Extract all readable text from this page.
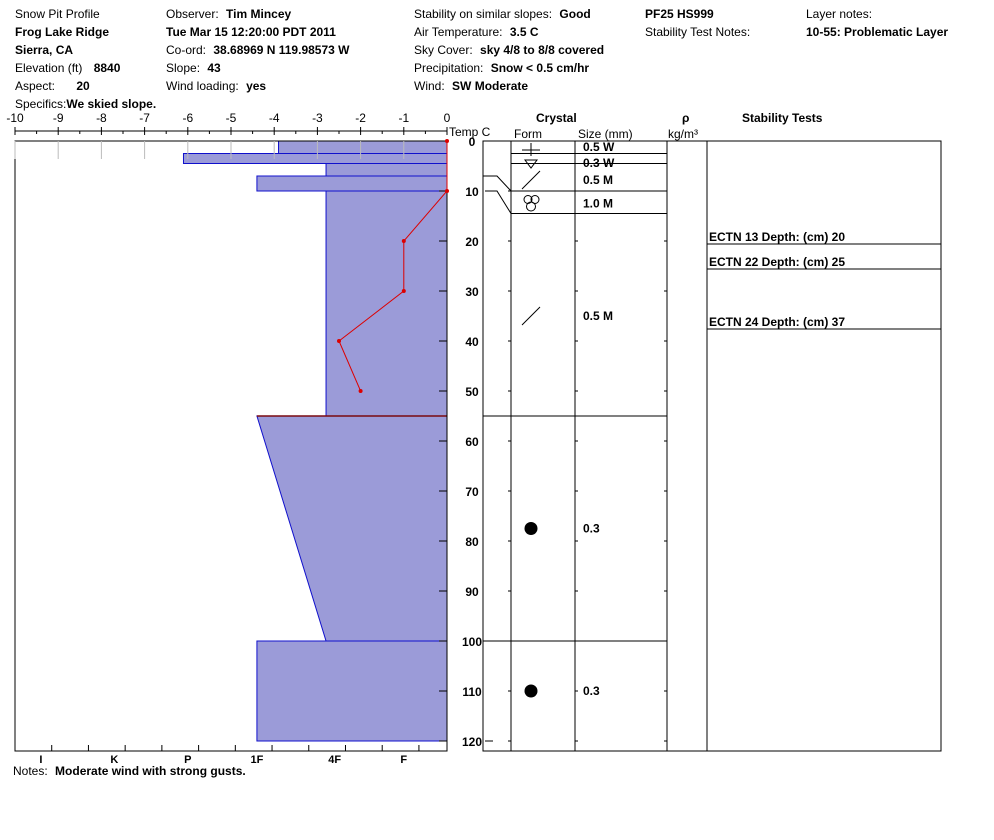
Snow Pit Profile
Frog Lake Ridge
Sierra, CA
Elevation (ft) 8840
Aspect: 20
Specifics:We skied slope.
Observer: Tim Mincey
Tue Mar 15 12:20:00 PDT 2011
Co-ord: 38.68969 N 119.98573 W
Slope: 43
Wind loading: yes
Stability on similar slopes: Good
Air Temperature: 3.5 C
Sky Cover: sky 4/8 to 8/8 covered
Precipitation: Snow < 0.5 cm/hr
Wind: SW Moderate
PF25 HS999
Stability Test Notes:
Layer notes:
10-55: Problematic Layer
Crystal
Form	Size (mm)
ρ
kg/m³
Stability Tests
Temp C
Notes: Moderate wind with strong gusts.
-10 -9	-8	-7	-6	-5	-4	-3	-2	-1	0
I	K	P	1F	4F	F
0
10
20
30
40
50
60
70
80
90
100
110
120
0.5 W
0.3 W
0.5 M
1.0 M
0.5 M
0.3
0.3
ECTN 13 Depth: (cm) 20
ECTN 22 Depth: (cm) 25
ECTN 24 Depth: (cm) 37
